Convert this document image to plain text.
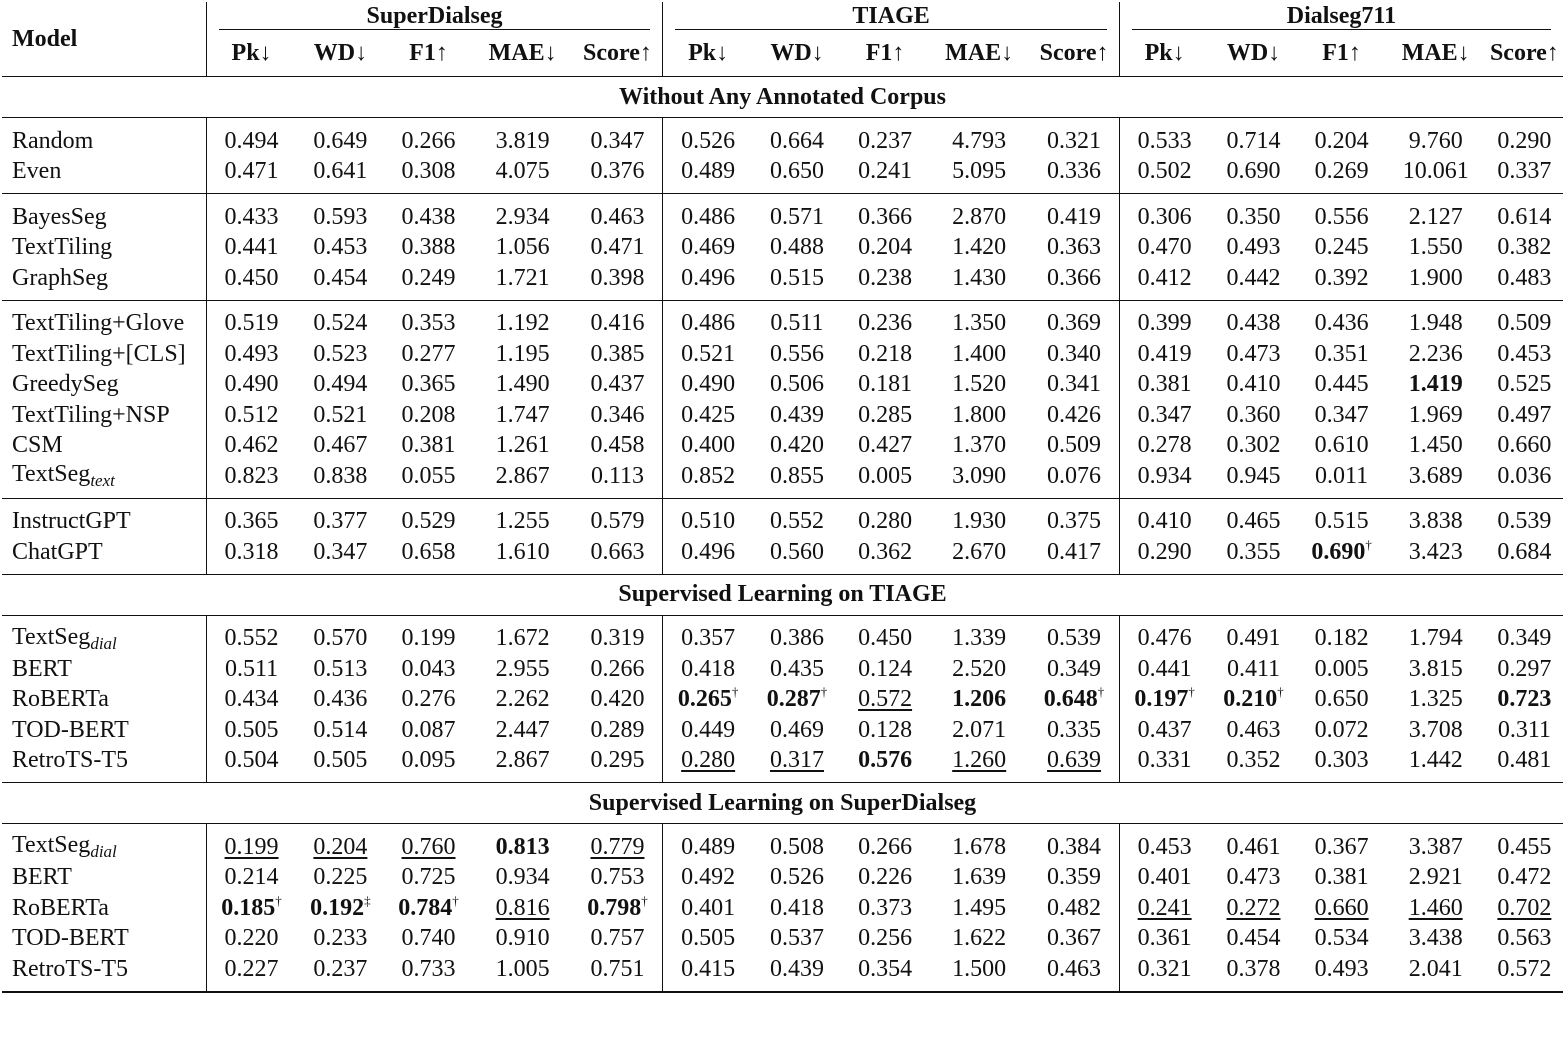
Model	SuperDialseg					TIAGE					Dialseg711				

	Pk↓	WD↓	F1↑	MAE↓	Score↑	Pk↓	WD↓	F1↑	MAE↓	Score↑	Pk↓	WD↓	F1↑	MAE↓	Score↑
Without Any Annotated Corpus															
Random	0.494	0.649	0.266	3.819	0.347	0.526	0.664	0.237	4.793	0.321	0.533	0.714	0.204	9.760	0.290
Even	0.471	0.641	0.308	4.075	0.376	0.489	0.650	0.241	5.095	0.336	0.502	0.690	0.269	10.061	0.337
BayesSeg	0.433	0.593	0.438	2.934	0.463	0.486	0.571	0.366	2.870	0.419	0.306	0.350	0.556	2.127	0.614
TextTiling	0.441	0.453	0.388	1.056	0.471	0.469	0.488	0.204	1.420	0.363	0.470	0.493	0.245	1.550	0.382
GraphSeg	0.450	0.454	0.249	1.721	0.398	0.496	0.515	0.238	1.430	0.366	0.412	0.442	0.392	1.900	0.483
TextTiling+Glove	0.519	0.524	0.353	1.192	0.416	0.486	0.511	0.236	1.350	0.369	0.399	0.438	0.436	1.948	0.509
TextTiling+[CLS]	0.493	0.523	0.277	1.195	0.385	0.521	0.556	0.218	1.400	0.340	0.419	0.473	0.351	2.236	0.453
GreedySeg	0.490	0.494	0.365	1.490	0.437	0.490	0.506	0.181	1.520	0.341	0.381	0.410	0.445	1.419	0.525
TextTiling+NSP	0.512	0.521	0.208	1.747	0.346	0.425	0.439	0.285	1.800	0.426	0.347	0.360	0.347	1.969	0.497
CSM	0.462	0.467	0.381	1.261	0.458	0.400	0.420	0.427	1.370	0.509	0.278	0.302	0.610	1.450	0.660
TextSeg$_{text}$	0.823	0.838	0.055	2.867	0.113	0.852	0.855	0.005	3.090	0.076	0.934	0.945	0.011	3.689	0.036
InstructGPT	0.365	0.377	0.529	1.255	0.579	0.510	0.552	0.280	1.930	0.375	0.410	0.465	0.515	3.838	0.539
ChatGPT	0.318	0.347	0.658	1.610	0.663	0.496	0.560	0.362	2.670	0.417	0.290	0.355	0.690†	3.423	0.684
Supervised Learning on TIAGE															
TextSeg$_{dial}$	0.552	0.570	0.199	1.672	0.319	0.357	0.386	0.450	1.339	0.539	0.476	0.491	0.182	1.794	0.349
BERT	0.511	0.513	0.043	2.955	0.266	0.418	0.435	0.124	2.520	0.349	0.441	0.411	0.005	3.815	0.297
RoBERTa	0.434	0.436	0.276	2.262	0.420	0.265†	0.287†	0.572	1.206	0.648†	0.197†	0.210†	0.650	1.325	0.723
TOD-BERT	0.505	0.514	0.087	2.447	0.289	0.449	0.469	0.128	2.071	0.335	0.437	0.463	0.072	3.708	0.311
RetroTS-T5	0.504	0.505	0.095	2.867	0.295	0.280	0.317	0.576	1.260	0.639	0.331	0.352	0.303	1.442	0.481
Supervised Learning on SuperDialseg															
TextSeg$_{dial}$	0.199	0.204	0.760	0.813	0.779	0.489	0.508	0.266	1.678	0.384	0.453	0.461	0.367	3.387	0.455
BERT	0.214	0.225	0.725	0.934	0.753	0.492	0.526	0.226	1.639	0.359	0.401	0.473	0.381	2.921	0.472
RoBERTa	0.185†	0.192‡	0.784†	0.816	0.798†	0.401	0.418	0.373	1.495	0.482	0.241	0.272	0.660	1.460	0.702
TOD-BERT	0.220	0.233	0.740	0.910	0.757	0.505	0.537	0.256	1.622	0.367	0.361	0.454	0.534	3.438	0.563
RetroTS-T5	0.227	0.237	0.733	1.005	0.751	0.415	0.439	0.354	1.500	0.463	0.321	0.378	0.493	2.041	0.572
